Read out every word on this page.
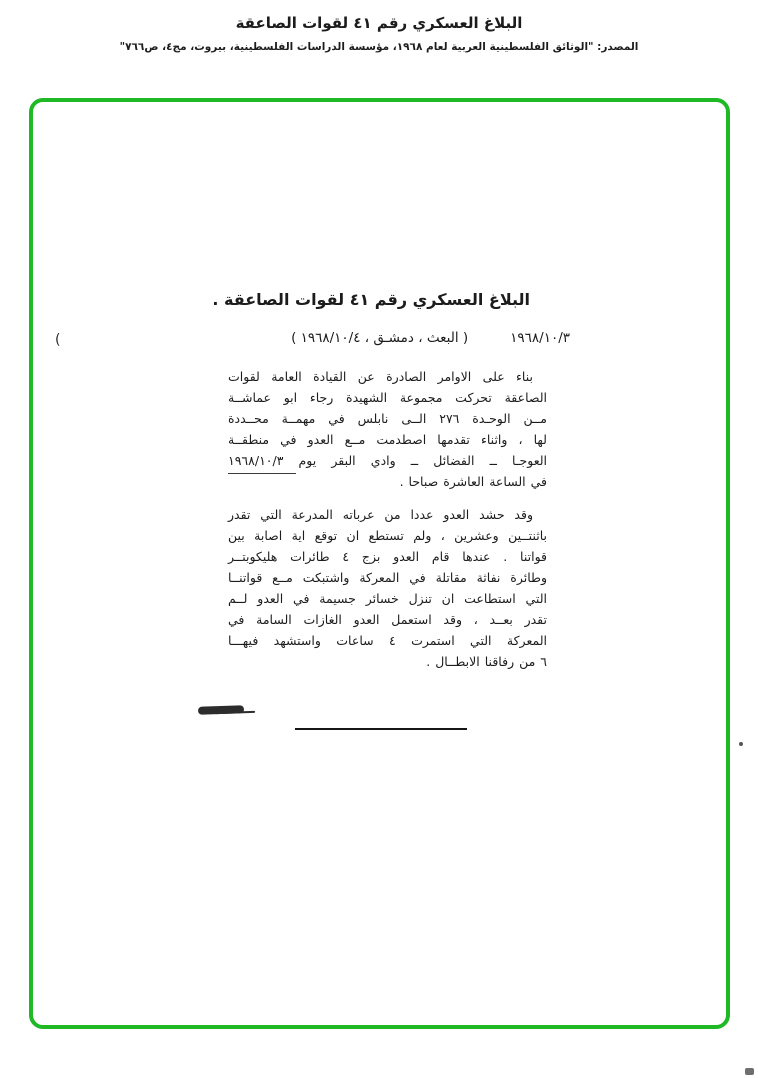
البلاغ العسكري رقم ٤١ لقوات الصاعقة
المصدر: "الوثائق الفلسطينية العربية لعام ١٩٦٨، مؤسسة الدراسات الفلسطينية، بيروت، مج٤، ص٧٦٦"
البلاغ العسكري رقم ٤١ لقوات الصاعقة .
١٩٦٨/١٠/٣
( البعث ، دمشـق ، ١٩٦٨/١٠/٤ )
(
بناء على الاوامر الصادرة عن القيادة العامة لقوات
الصاعقة تحركت مجموعة الشهيدة رجاء ابو عماشــة
مــن الوحـدة ٢٧٦ الــى نابلس في مهمــة محــددة
لها ، واثناء تقدمها اصطدمت مــع العدو في منطقــة
العوجـا ــ الفضائل ــ وادي البقر يوم ١٩٦٨/١٠/٣
في الساعة العاشرة صباحا .
وقد حشد العدو عددا من عرباته المدرعة التي تقدر
باثنتــين وعشرين ، ولم تستطع ان توقع اية اصابة بين
قواتنا . عندها قام العدو بزج ٤ طائرات هليكوبتــر
وطائرة نفاثة مقاتلة في المعركة واشتبكت مــع قواتنــا
التي استطاعت ان تنزل خسائر جسيمة في العدو لــم
تقدر بعــد ، وقد استعمل العدو الغازات السامة في
المعركة التي استمرت ٤ ساعات واستشهد فيهـــا
٦ من رفاقنا الابطــال .
